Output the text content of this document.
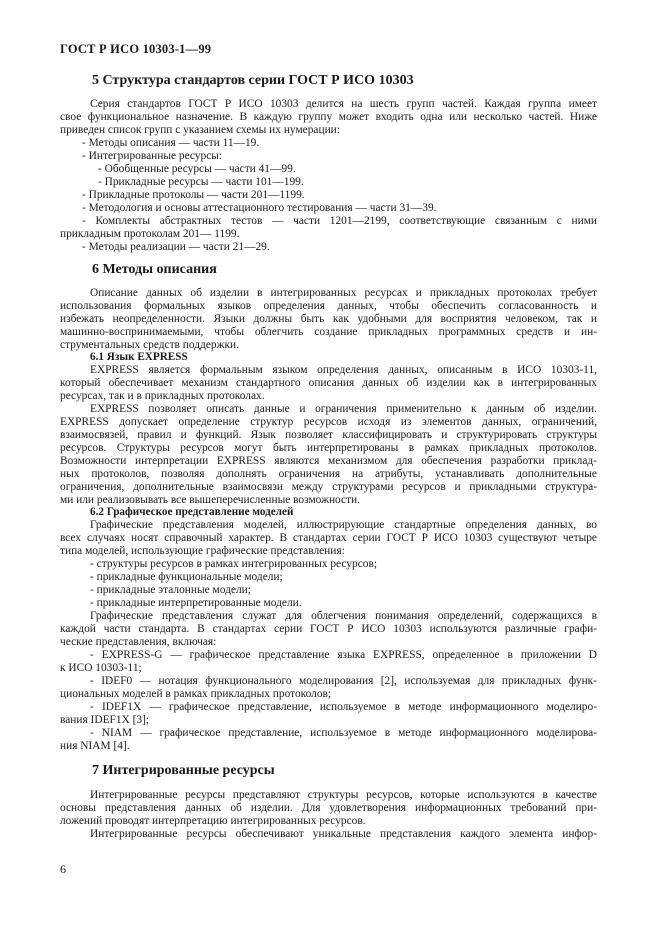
ГОСТ Р ИСО 10303-1—99
5 Структура стандартов серии ГОСТ Р ИСО 10303
Серия стандартов ГОСТ Р ИСО 10303 делится на шесть групп частей. Каждая группа имеет
свое функциональное назначение. В каждую группу может входить одна или несколько частей. Ниже
приведен список групп с указанием схемы их нумерации:
- Методы описания — части 11—19.
- Интегрированные ресурсы:
- Обобщенные ресурсы — части 41—99.
- Прикладные ресурсы — части 101—199.
- Прикладные протоколы — части 201—1199.
- Методология и основы аттестационного тестирования — части 31—39.
- Комплекты абстрактных тестов — части 1201—2199, соответствующие связанным с ними
прикладным протоколам 201— 1199.
- Методы реализации — части 21—29.
6 Методы описания
Описание данных об изделии в интегрированных ресурсах и прикладных протоколах требует
использования формальных языков определения данных, чтобы обеспечить согласованность и
избежать неопределенности. Языки должны быть как удобными для восприятия человеком, так и
машинно-воспринимаемыми, чтобы облегчить создание прикладных программных средств и ин-
струментальных средств поддержки.
6.1 Язык EXPRESS
EXPRESS является формальным языком определения данных, описанным в ИСО 10303-11,
который обеспечивает механизм стандартного описания данных об изделии как в интегрированных
ресурсах, так и в прикладных протоколах.
EXPRESS позволяет описать данные и ограничения применительно к данным об изделии.
EXPRESS допускает определение структур ресурсов исходя из элементов данных, ограничений,
взаимосвязей, правил и функций. Язык позволяет классифицировать и структурировать структуры
ресурсов. Структуры ресурсов могут быть интерпретированы в рамках прикладных протоколов.
Возможности интерпретации EXPRESS являются механизмом для обеспечения разработки приклад-
ных протоколов, позволяя дополнять ограничения на атрибуты, устанавливать дополнительные
ограничения, дополнительные взаимосвязи между структурами ресурсов и прикладными структура-
ми или реализовывать все вышеперечисленные возможности.
6.2 Графическое представление моделей
Графические представления моделей, иллюстрирующие стандартные определения данных, во
всех случаях носят справочный характер. В стандартах серии ГОСТ Р ИСО 10303 существуют четыре
типа моделей, использующие графические представления:
- структуры ресурсов в рамках интегрированных ресурсов;
- прикладные функциональные модели;
- прикладные эталонные модели;
- прикладные интерпретированные модели.
Графические представления служат для облегчения понимания определений, содержащихся в
каждой части стандарта. В стандартах серии ГОСТ Р ИСО 10303 используются различные графи-
ческие представления, включая:
- EXPRESS-G — графическое представление языка EXPRESS, определенное в приложении D
к ИСО 10303-11;
- IDEF0 — нотация функционального моделирования [2], используемая для прикладных функ-
циональных моделей в рамках прикладных протоколов;
- IDEF1X — графическое представление, используемое в методе информационного моделиро-
вания IDEF1X [3];
- NIAM — графическое представление, используемое в методе информационного моделирова-
ния NIAM [4].
7 Интегрированные ресурсы
Интегрированные ресурсы представляют структуры ресурсов, которые используются в качестве
основы представления данных об изделии. Для удовлетворения информационных требований при-
ложений проводят интерпретацию интегрированных ресурсов.
Интегрированные ресурсы обеспечивают уникальные представления каждого элемента инфор-
6
